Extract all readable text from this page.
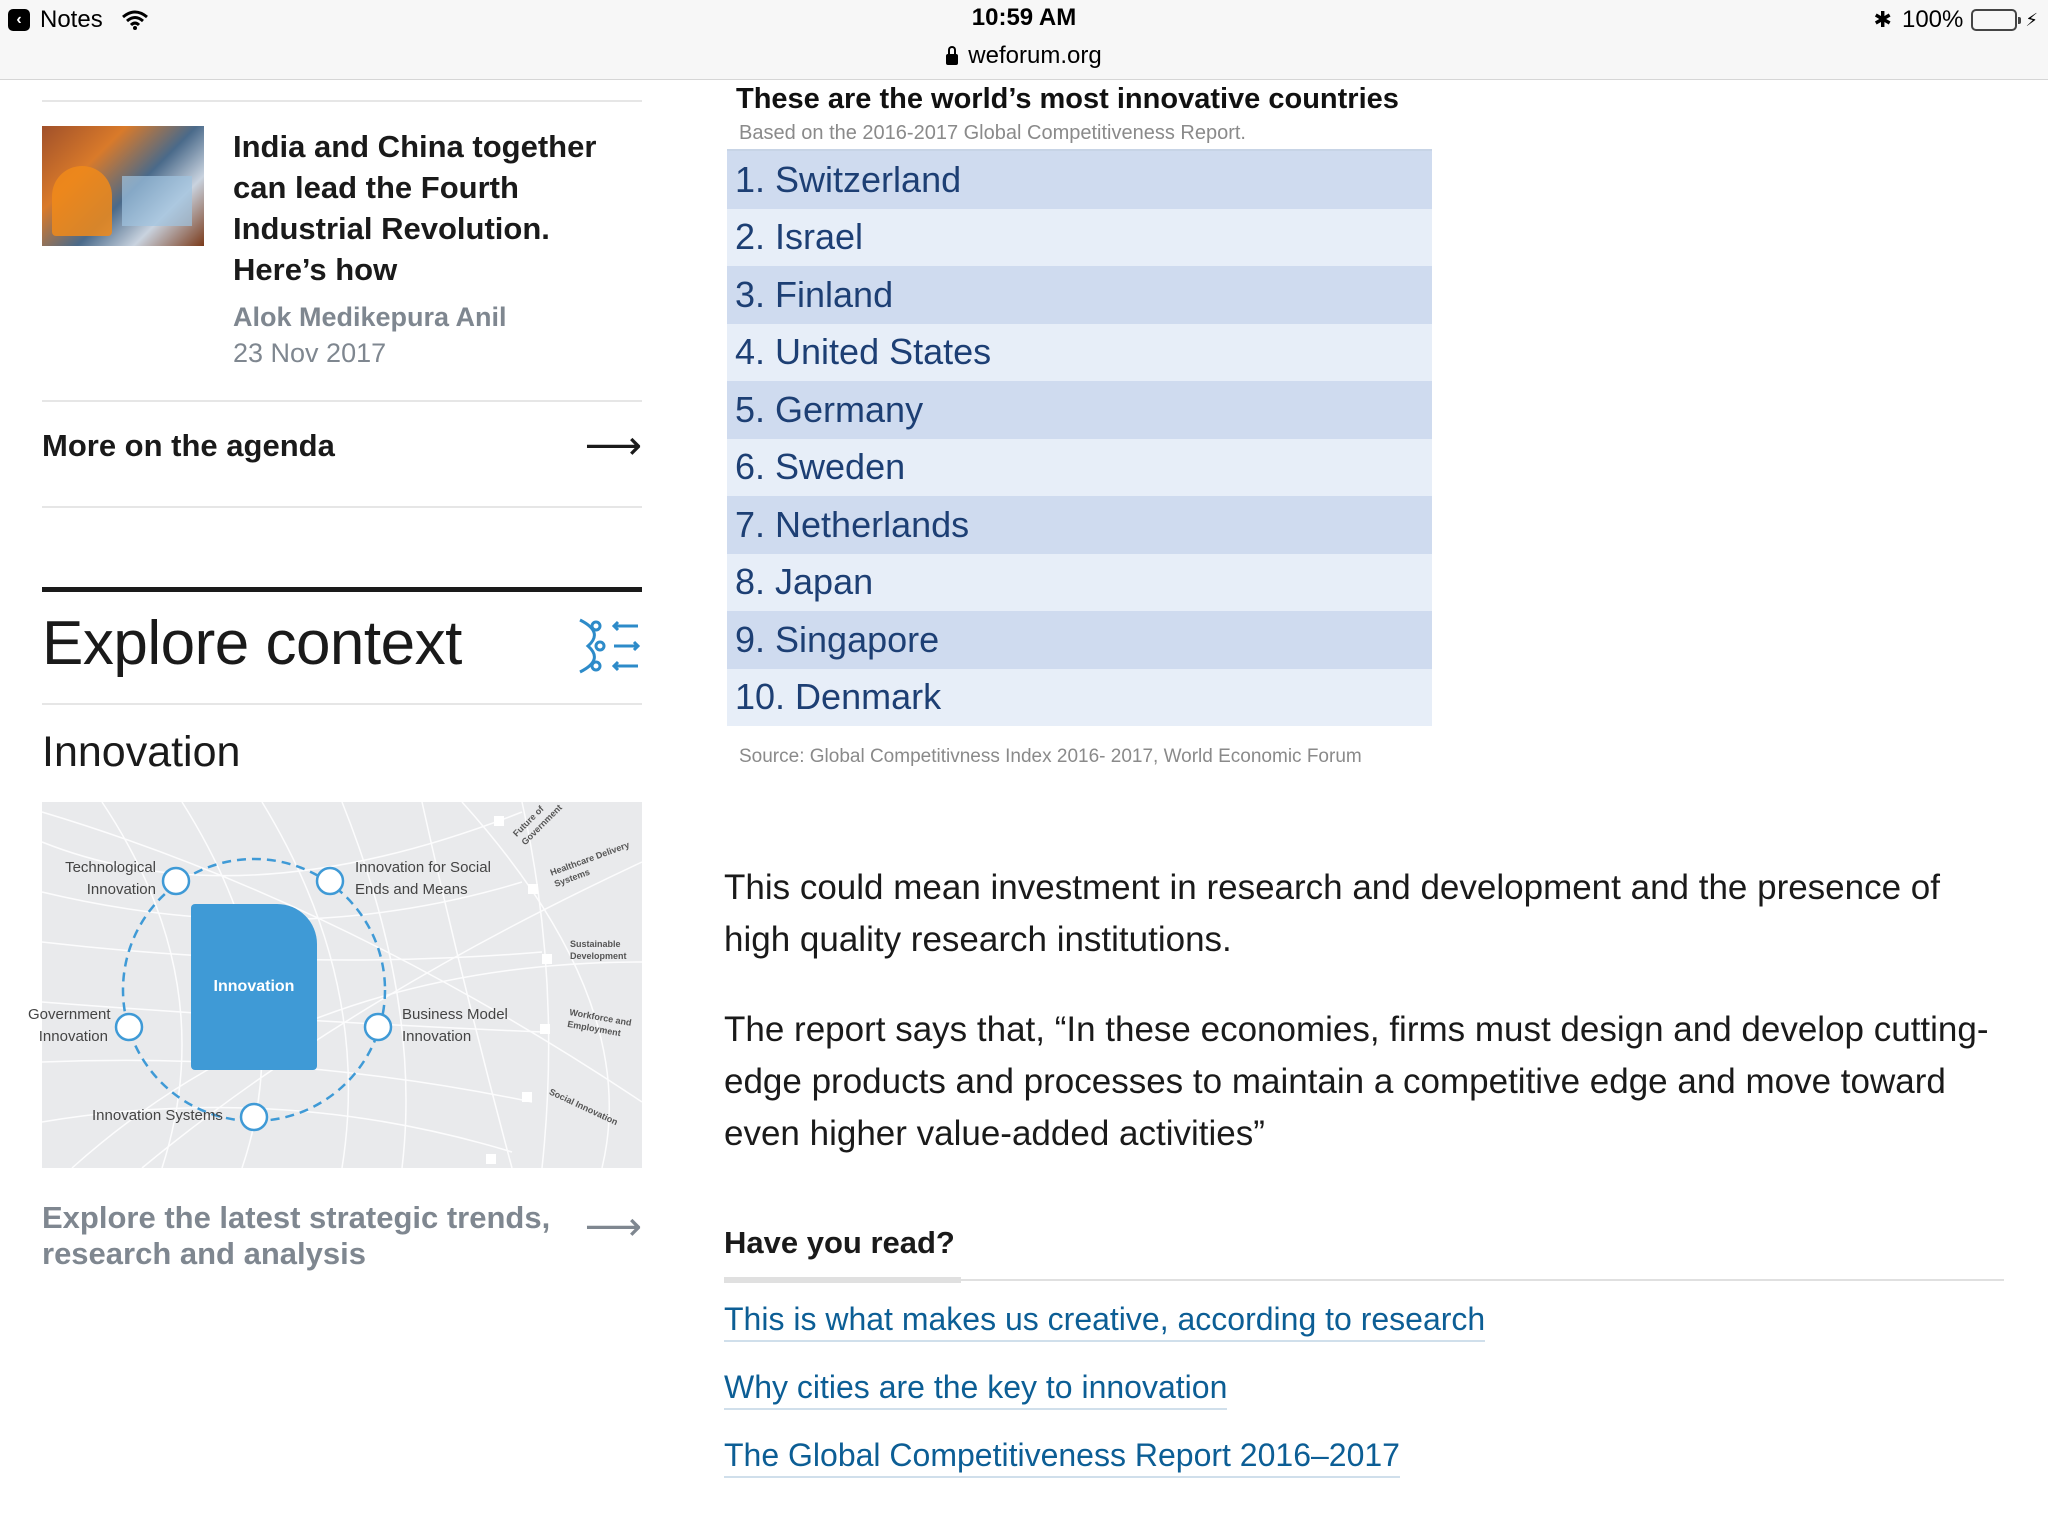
‹ Notes	10:59 AM
weforum.org
✱ 100%	⚡
India and China together can lead the Fourth Industrial Revolution. Here’s how
Alok Medikepura Anil
23 Nov 2017
More on the agenda	⟶
Explore context
Innovation
Technological Innovation
Innovation for Social Ends and Means
Government Innovation
Business Model Innovation
Innovation Systems
Healthcare Delivery Systems
Sustainable Development
Workforce and Employment
Social Innovation
Future of Government
Innovation
Explore the latest strategic trends, research and analysis
⟶
These are the world’s most innovative countries
Based on the 2016-2017 Global Competitiveness Report.
1. Switzerland
2. Israel
3. Finland
4. United States
5. Germany
6. Sweden
7. Netherlands
8. Japan
9. Singapore
10. Denmark
Source: Global Competitivness Index 2016- 2017, World Economic Forum

This could mean investment in research and development and the presence of high quality research institutions.

The report says that, “In these economies, firms must design and develop cutting-edge products and processes to maintain a competitive edge and move toward even higher value-added activities”

Have you read?
This is what makes us creative, according to research
Why cities are the key to innovation
The Global Competitiveness Report 2016–2017
